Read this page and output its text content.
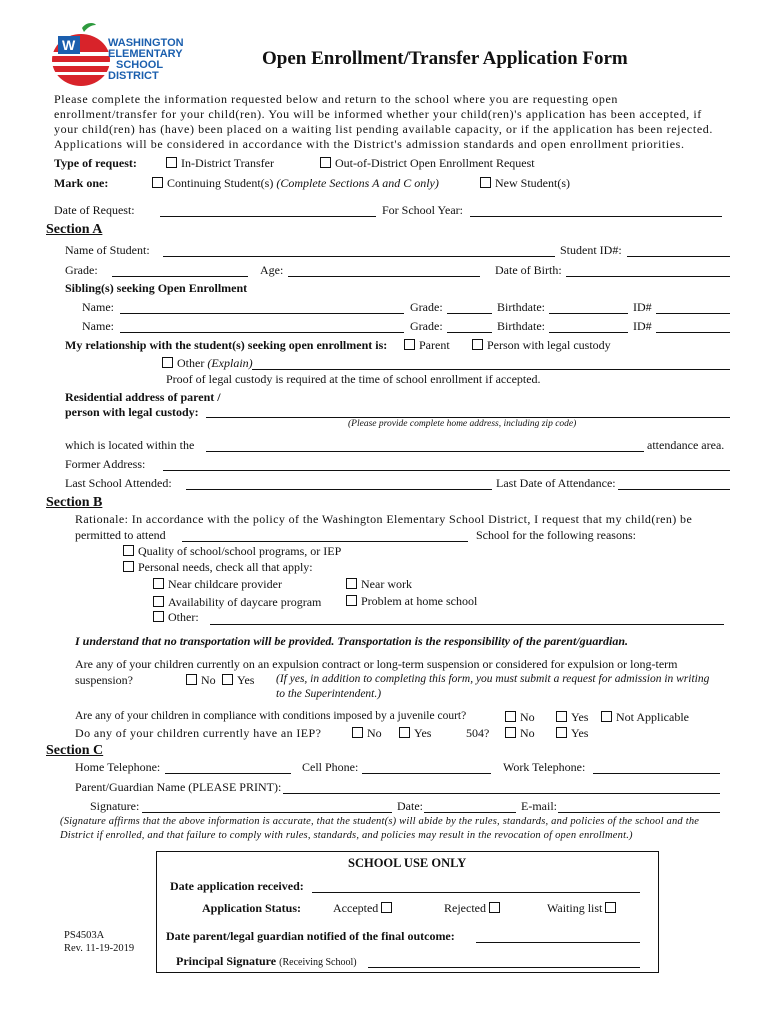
W	WASHINGTON
ELEMENTARY
SCHOOL
DISTRICT
Open Enrollment/Transfer Application Form
Please complete the information requested below and return to the school where you are requesting open enrollment/transfer for your child(ren). You will be informed whether your child(ren)'s application has been accepted, if your child(ren) has (have) been placed on a waiting list pending available capacity, or if the application has been rejected. Applications will be considered in accordance with the District's admission standards and open enrollment priorities.
Type of request:	In-District Transfer	Out-of-District Open Enrollment Request
Mark one:	Continuing Student(s) (Complete Sections A and C only)	New Student(s)
Date of Request:	For School Year:
Section A
Name of Student:	Student ID#:
Grade:	Age:	Date of Birth:
Sibling(s) seeking Open Enrollment
Name:	Grade:	Birthdate:	ID#
Name:	Grade:	Birthdate:	ID#
My relationship with the student(s) seeking open enrollment is:	Parent	Person with legal custody
Other (Explain)
Proof of legal custody is required at the time of school enrollment if accepted.
Residential address of parent /
person with legal custody:
(Please provide complete home address, including zip code)
which is located within the	attendance area.
Former Address:
Last School Attended:	Last Date of Attendance:
Section B
Rationale: In accordance with the policy of the Washington Elementary School District, I request that my child(ren) be
permitted to attend	School for the following reasons:
Quality of school/school programs, or IEP
Personal needs, check all that apply:
Near childcare provider	Near work
Availability of daycare program	Problem at home school
Other:
I understand that no transportation will be provided. Transportation is the responsibility of the parent/guardian.
Are any of your children currently on an expulsion contract or long-term suspension or considered for expulsion or long-term
suspension?	No	Yes (If yes, in addition to completing this form, you must submit a request for admission in writing
to the Superintendent.)
Are any of your children in compliance with conditions imposed by a juvenile court?	No	Yes	Not Applicable
Do any of your children currently have an IEP?	No	Yes	504?	No	Yes
Section C
Home Telephone:	Cell Phone:	Work Telephone:
Parent/Guardian Name (PLEASE PRINT):
Signature:	Date:	E-mail:
(Signature affirms that the above information is accurate, that the student(s) will abide by the rules, standards, and policies of the school and the District if enrolled, and that failure to comply with rules, standards, and policies may result in the revocation of open enrollment.)
SCHOOL USE ONLY
Date application received:
Application Status:	Accepted	Rejected	Waiting list
Date parent/legal guardian notified of the final outcome:
Principal Signature (Receiving School)
PS4503A
Rev. 11-19-2019
